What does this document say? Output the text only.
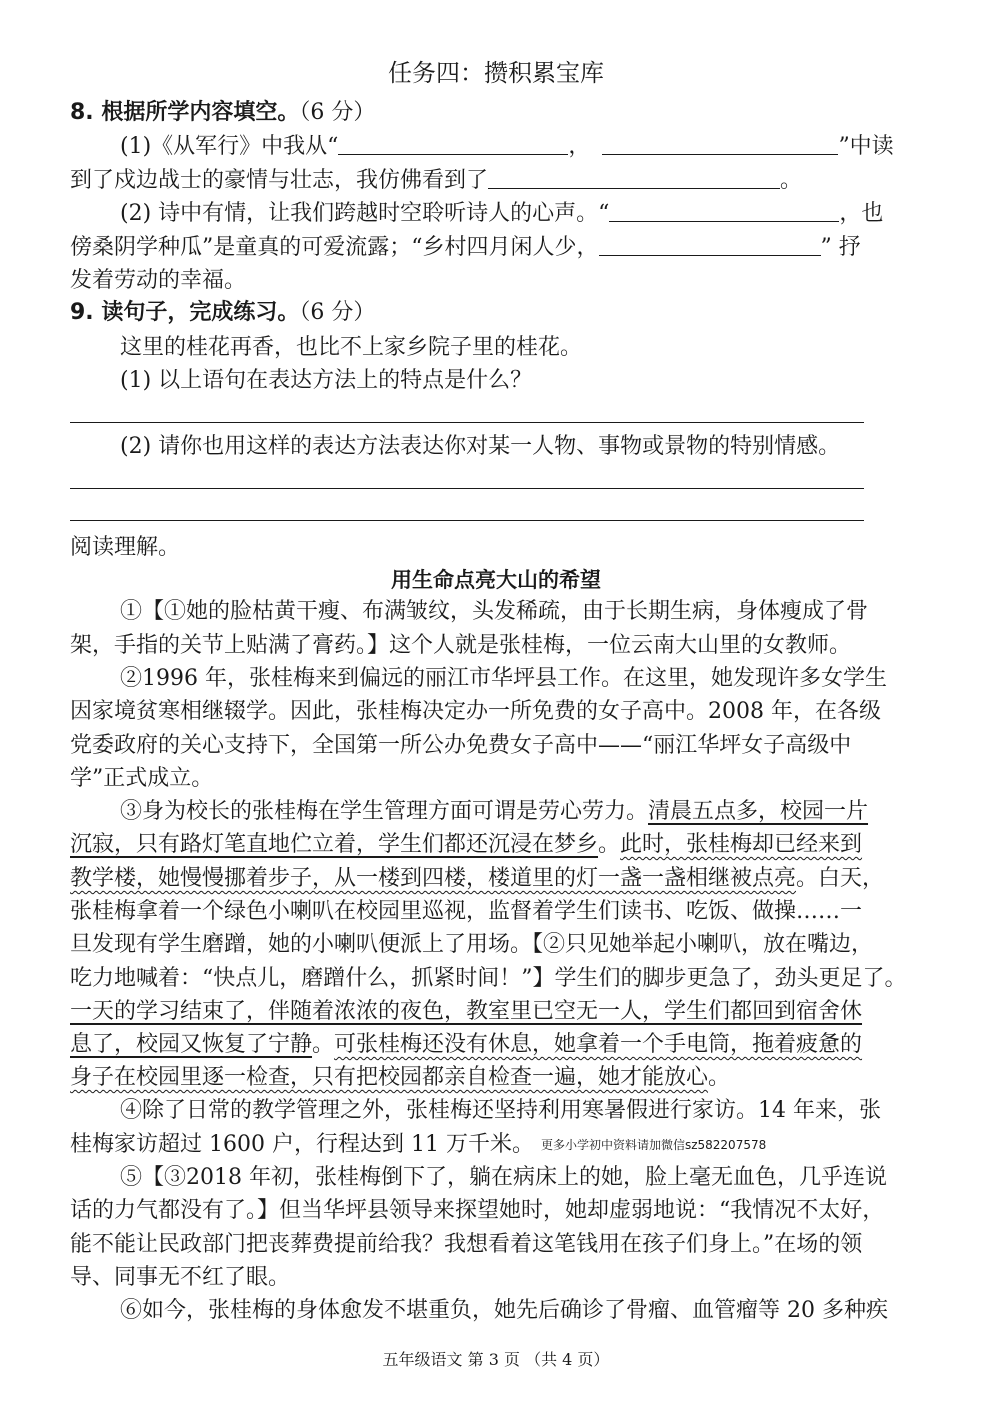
任务四：攒积累宝库
8. 根据所学内容填空。（6 分）
(1)《从军行》中我从“	，	”中读
到了戍边战士的豪情与壮志，我仿佛看到了	。
(2) 诗中有情，让我们跨越时空聆听诗人的心声。“	，也
傍桑阴学种瓜”是童真的可爱流露；“乡村四月闲人少，	” 抒
发着劳动的幸福。
9. 读句子，完成练习。（6 分）
这里的桂花再香，也比不上家乡院子里的桂花。
(1) 以上语句在表达方法上的特点是什么？
(2) 请你也用这样的表达方法表达你对某一人物、事物或景物的特别情感。
阅读理解。
用生命点亮大山的希望
①【①她的脸枯黄干瘦、布满皱纹，头发稀疏，由于长期生病，身体瘦成了骨
架，手指的关节上贴满了膏药。】这个人就是张桂梅，一位云南大山里的女教师。
②1996 年，张桂梅来到偏远的丽江市华坪县工作。在这里，她发现许多女学生
因家境贫寒相继辍学。因此，张桂梅决定办一所免费的女子高中。2008 年，在各级
党委政府的关心支持下，全国第一所公办免费女子高中——“丽江华坪女子高级中
学”正式成立。
③身为校长的张桂梅在学生管理方面可谓是劳心劳力。清晨五点多，校园一片
沉寂，只有路灯笔直地伫立着，学生们都还沉浸在梦乡。此时，张桂梅却已经来到
教学楼，她慢慢挪着步子，从一楼到四楼，楼道里的灯一盏一盏相继被点亮。白天，
张桂梅拿着一个绿色小喇叭在校园里巡视，监督着学生们读书、吃饭、做操……一
旦发现有学生磨蹭，她的小喇叭便派上了用场。【②只见她举起小喇叭，放在嘴边，
吃力地喊着：“快点儿，磨蹭什么，抓紧时间！”】学生们的脚步更急了，劲头更足了。
一天的学习结束了，伴随着浓浓的夜色，教室里已空无一人，学生们都回到宿舍休
息了，校园又恢复了宁静。可张桂梅还没有休息，她拿着一个手电筒，拖着疲惫的
身子在校园里逐一检查，只有把校园都亲自检查一遍，她才能放心。
④除了日常的教学管理之外，张桂梅还坚持利用寒暑假进行家访。14 年来，张
桂梅家访超过 1600 户，行程达到 11 万千米。 更多小学初中资料请加微信sz582207578
⑤【③2018 年初，张桂梅倒下了，躺在病床上的她，脸上毫无血色，几乎连说
话的力气都没有了。】但当华坪县领导来探望她时，她却虚弱地说：“我情况不太好，
能不能让民政部门把丧葬费提前给我？我想看着这笔钱用在孩子们身上。”在场的领
导、同事无不红了眼。
⑥如今，张桂梅的身体愈发不堪重负，她先后确诊了骨瘤、血管瘤等 20 多种疾
五年级语文 第 3 页 （共 4 页）
